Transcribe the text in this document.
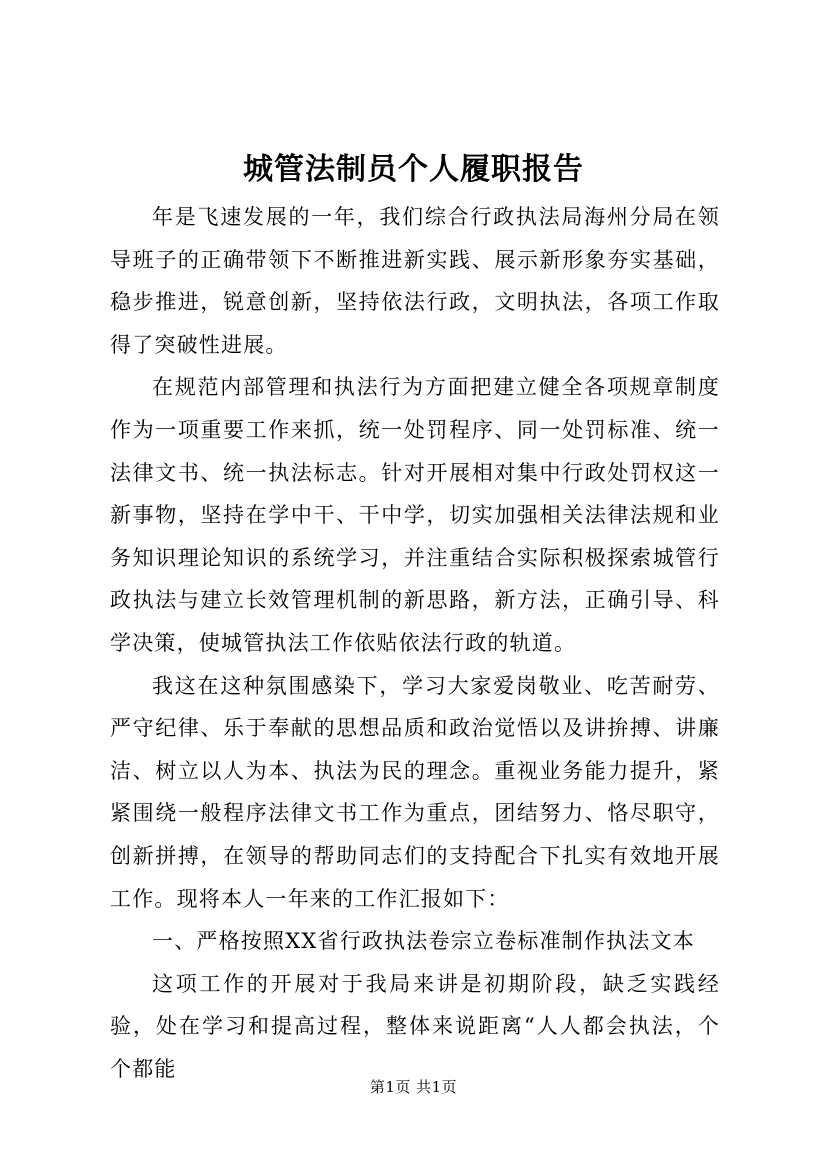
城管法制员个人履职报告

年是飞速发展的一年，我们综合行政执法局海州分局在领导班子的正确带领下不断推进新实践、展示新形象夯实基础，稳步推进，锐意创新，坚持依法行政，文明执法，各项工作取得了突破性进展。

在规范内部管理和执法行为方面把建立健全各项规章制度作为一项重要工作来抓，统一处罚程序、同一处罚标准、统一法律文书、统一执法标志。针对开展相对集中行政处罚权这一新事物，坚持在学中干、干中学，切实加强相关法律法规和业务知识理论知识的系统学习，并注重结合实际积极探索城管行政执法与建立长效管理机制的新思路，新方法，正确引导、科学决策，使城管执法工作依贴依法行政的轨道。

我这在这种氛围感染下，学习大家爱岗敬业、吃苦耐劳、严守纪律、乐于奉献的思想品质和政治觉悟以及讲拚搏、讲廉洁、树立以人为本、执法为民的理念。重视业务能力提升，紧紧围绕一般程序法律文书工作为重点，团结努力、恪尽职守，创新拼搏，在领导的帮助同志们的支持配合下扎实有效地开展工作。现将本人一年来的工作汇报如下：

一、严格按照XX省行政执法卷宗立卷标准制作执法文本

这项工作的开展对于我局来讲是初期阶段，缺乏实践经验，处在学习和提高过程，整体来说距离“人人都会执法，个个都能

第1页 共1页
